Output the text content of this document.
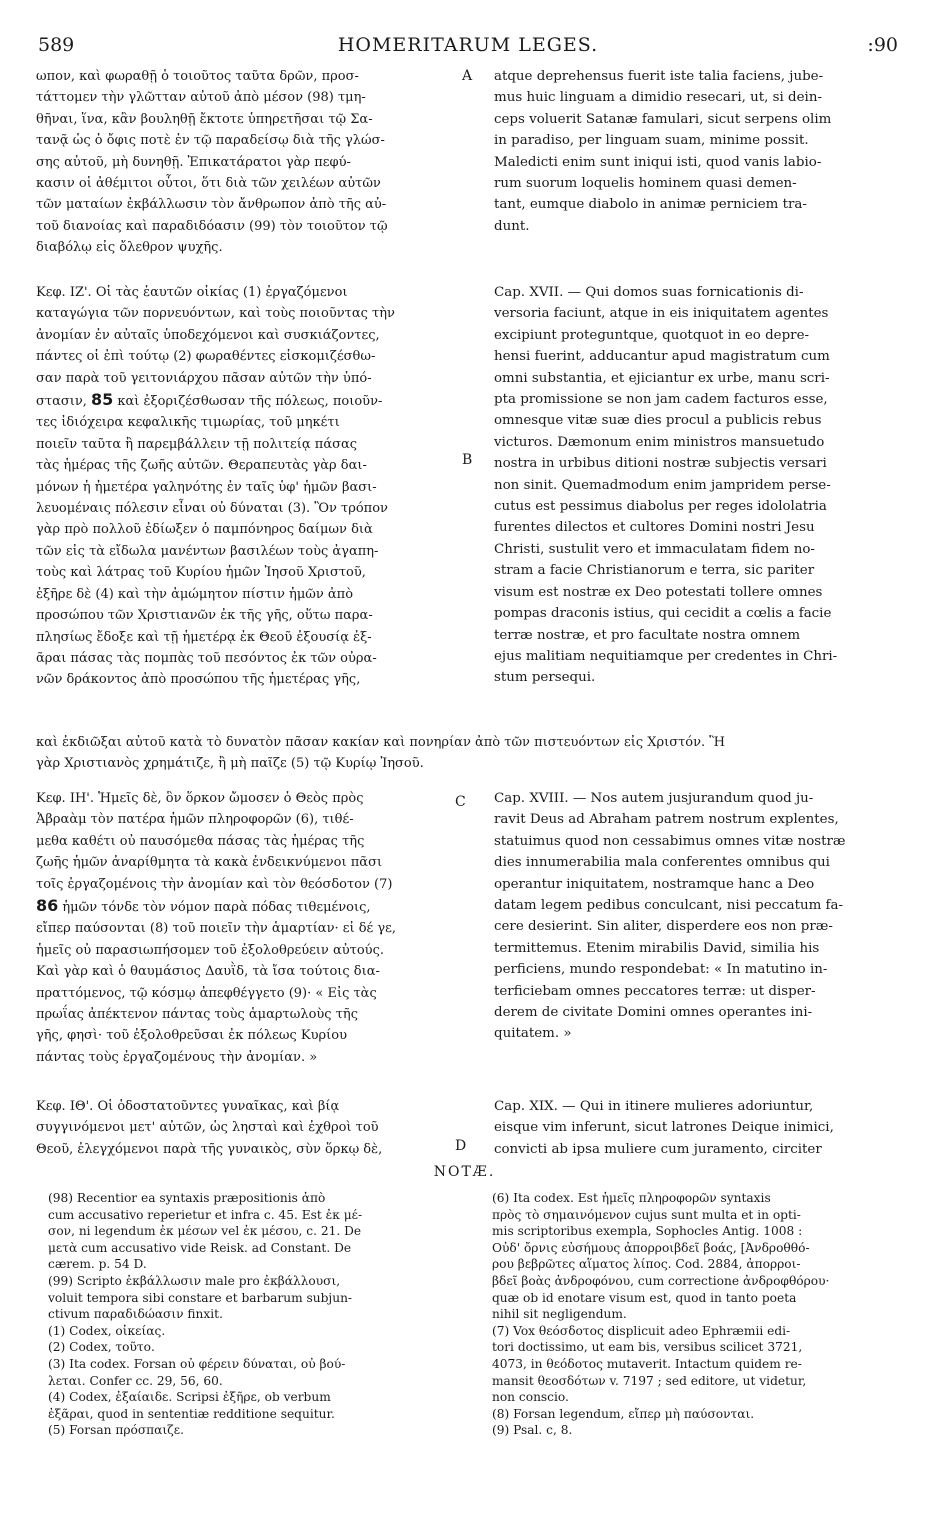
589	HOMERITARUM LEGES.	:90
ωπον, καὶ φωραθῇ ὁ τοιοῦτος ταῦτα δρῶν, προσ-
τάττομεν τὴν γλῶτταν αὐτοῦ ἀπὸ μέσον (98) τμη-
θῆναι, ἵνα, κἂν βουληθῇ ἔκτοτε ὑπηρετῆσαι τῷ Σα-
τανᾷ ὡς ὁ ὄφις ποτὲ ἐν τῷ παραδείσῳ διὰ τῆς γλώσ-
σης αὐτοῦ, μὴ δυνηθῇ. Ἐπικατάρατοι γὰρ πεφύ-
κασιν οἱ ἀθέμιτοι οὗτοι, ὅτι διὰ τῶν χειλέων αὐτῶν
τῶν ματαίων ἐκβάλλωσιν τὸν ἄνθρωπον ἀπὸ τῆς αὐ-
τοῦ διανοίας καὶ παραδιδόασιν (99) τὸν τοιοῦτον τῷ
διαβόλῳ εἰς ὄλεθρον ψυχῆς.
atque deprehensus fuerit iste talia faciens, jube-
mus huic linguam a dimidio resecari, ut, si dein-
ceps voluerit Satanæ famulari, sicut serpens olim
in paradiso, per linguam suam, minime possit.
Maledicti enim sunt iniqui isti, quod vanis labio-
rum suorum loquelis hominem quasi demen-
tant, eumque diabolo in animæ perniciem tra-
dunt.
Κεφ. ΙΖ'. Οἱ τὰς ἑαυτῶν οἰκίας (1) ἐργαζόμενοι
καταγώγια τῶν πορνευόντων, καὶ τοὺς ποιοῦντας τὴν
ἀνομίαν ἐν αὐταῖς ὑποδεχόμενοι καὶ συσκιάζοντες,
πάντες οἱ ἐπὶ τούτῳ (2) φωραθέντες εἰσκομιζέσθω-
σαν παρὰ τοῦ γειτονιάρχου πᾶσαν αὐτῶν τὴν ὑπό-
στασιν, 85 καὶ ἐξοριζέσθωσαν τῆς πόλεως, ποιοῦν-
τες ἰδιόχειρα κεφαλικῆς τιμωρίας, τοῦ μηκέτι
ποιεῖν ταῦτα ἢ παρεμβάλλειν τῇ πολιτείᾳ πάσας
τὰς ἡμέρας τῆς ζωῆς αὐτῶν. Θεραπευτὰς γὰρ δαι-
μόνων ἡ ἡμετέρα γαληνότης ἐν ταῖς ὑφ' ἡμῶν βασι-
λευομέναις πόλεσιν εἶναι οὐ δύναται (3). Ὃν τρόπον
γὰρ πρὸ πολλοῦ ἐδίωξεν ὁ παμπόνηρος δαίμων διὰ
τῶν εἰς τὰ εἴδωλα μανέντων βασιλέων τοὺς ἀγαπη-
τοὺς καὶ λάτρας τοῦ Κυρίου ἡμῶν Ἰησοῦ Χριστοῦ,
ἐξῆρε δὲ (4) καὶ τὴν ἀμώμητον πίστιν ἡμῶν ἀπὸ
προσώπου τῶν Χριστιανῶν ἐκ τῆς γῆς, οὕτω παρα-
πλησίως ἔδοξε καὶ τῇ ἡμετέρᾳ ἐκ Θεοῦ ἐξουσίᾳ ἐξ-
ᾶραι πάσας τὰς πομπὰς τοῦ πεσόντος ἐκ τῶν οὐρα-
νῶν δράκοντος ἀπὸ προσώπου τῆς ἡμετέρας γῆς,
Cap. XVII. — Qui domos suas fornicationis di-
versoria faciunt, atque in eis iniquitatem agentes
excipiunt proteguntque, quotquot in eo depre-
hensi fuerint, adducantur apud magistratum cum
omni substantia, et ejiciantur ex urbe, manu scri-
pta promissione se non jam cadem facturos esse,
omnesque vitæ suæ dies procul a publicis rebus
victuros. Dæmonum enim ministros mansuetudo
nostra in urbibus ditioni nostræ subjectis versari
non sinit. Quemadmodum enim jampridem perse-
cutus est pessimus diabolus per reges idololatria
furentes dilectos et cultores Domini nostri Jesu
Christi, sustulit vero et immaculatam fidem no-
stram a facie Christianorum e terra, sic pariter
visum est nostræ ex Deo potestati tollere omnes
pompas draconis istius, qui cecidit a cœlis a facie
terræ nostræ, et pro facultate nostra omnem
ejus malitiam nequitiamque per credentes in Chri-
stum persequi.
A
B
C
D
καὶ ἐκδιῶξαι αὐτοῦ κατὰ τὸ δυνατὸν πᾶσαν κακίαν καὶ πονηρίαν ἀπὸ τῶν πιστευόντων εἰς Χριστόν. Ἢ
γὰρ Χριστιανὸς χρημάτιζε, ἢ μὴ παῖζε (5) τῷ Κυρίῳ Ἰησοῦ.
Κεφ. ΙΗ'. Ἡμεῖς δὲ, ὃν ὅρκον ὤμοσεν ὁ Θεὸς πρὸς
Ἀβραὰμ τὸν πατέρα ἡμῶν πληροφορῶν (6), τιθέ-
μεθα καθέτι οὐ παυσόμεθα πάσας τὰς ἡμέρας τῆς
ζωῆς ἡμῶν ἀναρίθμητα τὰ κακὰ ἐνδεικνύμενοι πᾶσι
τοῖς ἐργαζομένοις τὴν ἀνομίαν καὶ τὸν θεόσδοτον (7)
86 ἡμῶν τόνδε τὸν νόμον παρὰ πόδας τιθεμένοις,
εἴπερ παύσονται (8) τοῦ ποιεῖν τὴν ἁμαρτίαν· εἰ δέ γε,
ἡμεῖς οὐ παρασιωπήσομεν τοῦ ἐξολοθρεύειν αὐτούς.
Καὶ γὰρ καὶ ὁ θαυμάσιος Δαυῒδ, τὰ ἴσα τούτοις δια-
πραττόμενος, τῷ κόσμῳ ἀπεφθέγγετο (9)· « Εἰς τὰς
πρωΐας ἀπέκτενον πάντας τοὺς ἁμαρτωλοὺς τῆς
γῆς, φησὶ· τοῦ ἐξολοθρεῦσαι ἐκ πόλεως Κυρίου
πάντας τοὺς ἐργαζομένους τὴν ἀνομίαν. »
Cap. XVIII. — Nos autem jusjurandum quod ju-
ravit Deus ad Abraham patrem nostrum explentes,
statuimus quod non cessabimus omnes vitæ nostræ
dies innumerabilia mala conferentes omnibus qui
operantur iniquitatem, nostramque hanc a Deo
datam legem pedibus conculcant, nisi peccatum fa-
cere desierint. Sin aliter, disperdere eos non præ-
termittemus. Etenim mirabilis David, similia his
perficiens, mundo respondebat: « In matutino in-
terficiebam omnes peccatores terræ: ut disper-
derem de civitate Domini omnes operantes ini-
quitatem. »
Κεφ. ΙΘ'. Οἱ ὁδοστατοῦντες γυναῖκας, καὶ βίᾳ
συγγινόμενοι μετ' αὐτῶν, ὡς λησταὶ καὶ ἐχθροὶ τοῦ
Θεοῦ, ἐλεγχόμενοι παρὰ τῆς γυναικὸς, σὺν ὅρκῳ δὲ,
Cap. XIX. — Qui in itinere mulieres adoriuntur,
eisque vim inferunt, sicut latrones Deique inimici,
convicti ab ipsa muliere cum juramento, circiter
NOTÆ.
(98) Recentior ea syntaxis præpositionis ἀπὸ
cum accusativo reperietur et infra c. 45. Est ἐκ μέ-
σον, ni legendum ἐκ μέσων vel ἐκ μέσου, c. 21. De
μετὰ cum accusativo vide Reisk. ad Constant. De
cærem. p. 54 D.
(99) Scripto ἐκβάλλωσιν male pro ἐκβάλλουσι,
voluit tempora sibi constare et barbarum subjun-
ctivum παραδιδώασιν finxit.
(1) Codex, οἰκείας.
(2) Codex, τοῦτο.
(3) Ita codex. Forsan οὐ φέρειν δύναται, οὐ βού-
λεται. Confer cc. 29, 56, 60.
(4) Codex, ἐξαίαιδε. Scripsi ἐξῆρε, ob verbum
ἐξᾶραι, quod in sententiæ redditione sequitur.
(5) Forsan πρόσπαιζε.
(6) Ita codex. Est ἡμεῖς πληροφορῶν syntaxis
πρὸς τὸ σημαινόμενον cujus sunt multa et in opti-
mis scriptoribus exempla, Sophocles Antig. 1008 :
Οὐδ' ὄρνις εὐσήμους ἀπορροιβδεῖ βοάς, [Ἀνδροθθό-
ρου βεβρῶτες αἵματος λίπος. Cod. 2884, ἀπορροι-
βδεῖ βοὰς ἀνδροφόνου, cum correctione ἀνδροφθόρου·
quæ ob id enotare visum est, quod in tanto poeta
nihil sit negligendum.
(7) Vox θεόσδοτος displicuit adeo Ephræmii edi-
tori doctissimo, ut eam bis, versibus scilicet 3721,
4073, in θεόδοτος mutaverit. Intactum quidem re-
mansit θεοσδότων v. 7197 ; sed editore, ut videtur,
non conscio.
(8) Forsan legendum, εἴπερ μὴ παύσονται.
(9) Psal. c, 8.
